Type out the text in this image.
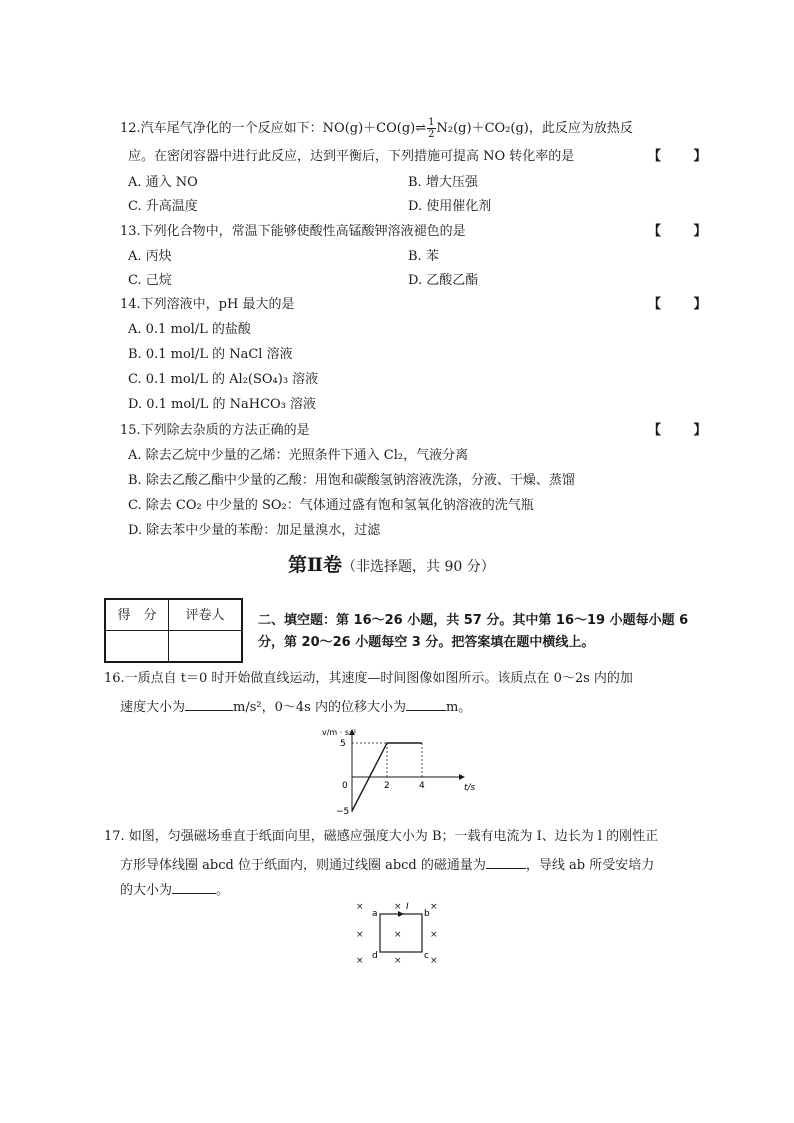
12.汽车尾气净化的一个反应如下：NO(g)＋CO(g)⇌ $\frac{1}{2} N_2(g)+CO_2(g)$，此反应为放热反
应。在密闭容器中进行此反应，达到平衡后，下列措施可提高 NO 转化率的是	【 】
A. 通入 NO	B. 增大压强
C. 升高温度	D. 使用催化剂
13.下列化合物中，常温下能够使酸性高锰酸钾溶液褪色的是	【 】
A. 丙炔	B. 苯
C. 己烷	D. 乙酸乙酯
14.下列溶液中，pH 最大的是	【 】
A. 0.1 mol/L 的盐酸
B. 0.1 mol/L 的 NaCl 溶液
C. 0.1 mol/L 的 Al₂(SO₄)₃ 溶液
D. 0.1 mol/L 的 NaHCO₃ 溶液
15.下列除去杂质的方法正确的是	【 】
A. 除去乙烷中少量的乙烯：光照条件下通入 Cl₂，气液分离
B. 除去乙酸乙酯中少量的乙酸：用饱和碳酸氢钠溶液洗涤，分液、干燥、蒸馏
C. 除去 CO₂ 中少量的 SO₂：气体通过盛有饱和氢氧化钠溶液的洗气瓶
D. 除去苯中少量的苯酚：加足量溴水，过滤
第Ⅱ卷（非选择题，共 90 分）
得　分	评卷人
		二、填空题：第 16～26 小题，共 57 分。其中第 16～19 小题每小题 6 分，第 20～26 小题每空 3 分。把答案填在题中横线上。
16.一质点自 t＝0 时开始做直线运动，其速度—时间图像如图所示。该质点在 0～2s 内的加
速度大小为	m/s²，0～4s 内的位移大小为	m。
v/m · s⁻¹
t/s
5
−5
0	2	4
17. 如图，匀强磁场垂直于纸面向里，磁感应强度大小为 B；一载有电流为 I、边长为 l 的刚性正
方形导体线圈 abcd 位于纸面内，则通过线圈 abcd 的磁通量为	，导线 ab 所受安培力
的大小为	。
×	×	×
×	×	×
×	×	×
I
a	b
c
d
